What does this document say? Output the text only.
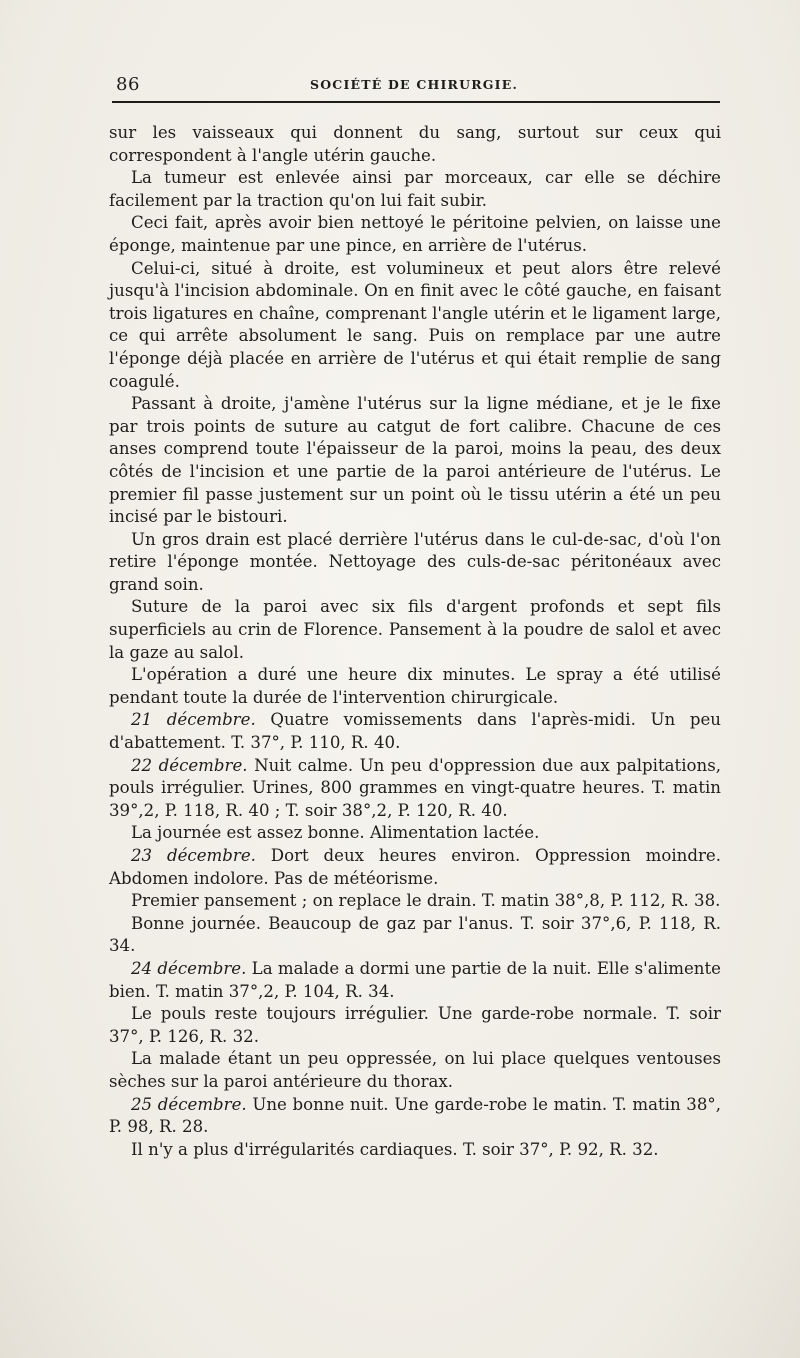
86	SOCIÉTÉ DE CHIRURGIE.

sur les vaisseaux qui donnent du sang, surtout sur ceux qui correspondent à l'angle utérin gauche.

La tumeur est enlevée ainsi par morceaux, car elle se déchire facilement par la traction qu'on lui fait subir.

Ceci fait, après avoir bien nettoyé le péritoine pelvien, on laisse une éponge, maintenue par une pince, en arrière de l'utérus.

Celui-ci, situé à droite, est volumineux et peut alors être relevé jusqu'à l'incision abdominale. On en finit avec le côté gauche, en faisant trois ligatures en chaîne, comprenant l'angle utérin et le ligament large, ce qui arrête absolument le sang. Puis on remplace par une autre l'éponge déjà placée en arrière de l'utérus et qui était remplie de sang coagulé.

Passant à droite, j'amène l'utérus sur la ligne médiane, et je le fixe par trois points de suture au catgut de fort calibre. Chacune de ces anses comprend toute l'épaisseur de la paroi, moins la peau, des deux côtés de l'incision et une partie de la paroi antérieure de l'utérus. Le premier fil passe justement sur un point où le tissu utérin a été un peu incisé par le bistouri.

Un gros drain est placé derrière l'utérus dans le cul-de-sac, d'où l'on retire l'éponge montée. Nettoyage des culs-de-sac péritonéaux avec grand soin.

Suture de la paroi avec six fils d'argent profonds et sept fils superficiels au crin de Florence. Pansement à la poudre de salol et avec la gaze au salol.

L'opération a duré une heure dix minutes. Le spray a été utilisé pendant toute la durée de l'intervention chirurgicale.

21 décembre. Quatre vomissements dans l'après-midi. Un peu d'abattement. T. 37°, P. 110, R. 40.

22 décembre. Nuit calme. Un peu d'oppression due aux palpitations, pouls irrégulier. Urines, 800 grammes en vingt-quatre heures. T. matin 39°,2, P. 118, R. 40 ; T. soir 38°,2, P. 120, R. 40.

La journée est assez bonne. Alimentation lactée.

23 décembre. Dort deux heures environ. Oppression moindre. Abdomen indolore. Pas de météorisme.

Premier pansement ; on replace le drain. T. matin 38°,8, P. 112, R. 38.

Bonne journée. Beaucoup de gaz par l'anus. T. soir 37°,6, P. 118, R. 34.

24 décembre. La malade a dormi une partie de la nuit. Elle s'alimente bien. T. matin 37°,2, P. 104, R. 34.

Le pouls reste toujours irrégulier. Une garde-robe normale. T. soir 37°, P. 126, R. 32.

La malade étant un peu oppressée, on lui place quelques ventouses sèches sur la paroi antérieure du thorax.

25 décembre. Une bonne nuit. Une garde-robe le matin. T. matin 38°, P. 98, R. 28.

Il n'y a plus d'irrégularités cardiaques. T. soir 37°, P. 92, R. 32.
